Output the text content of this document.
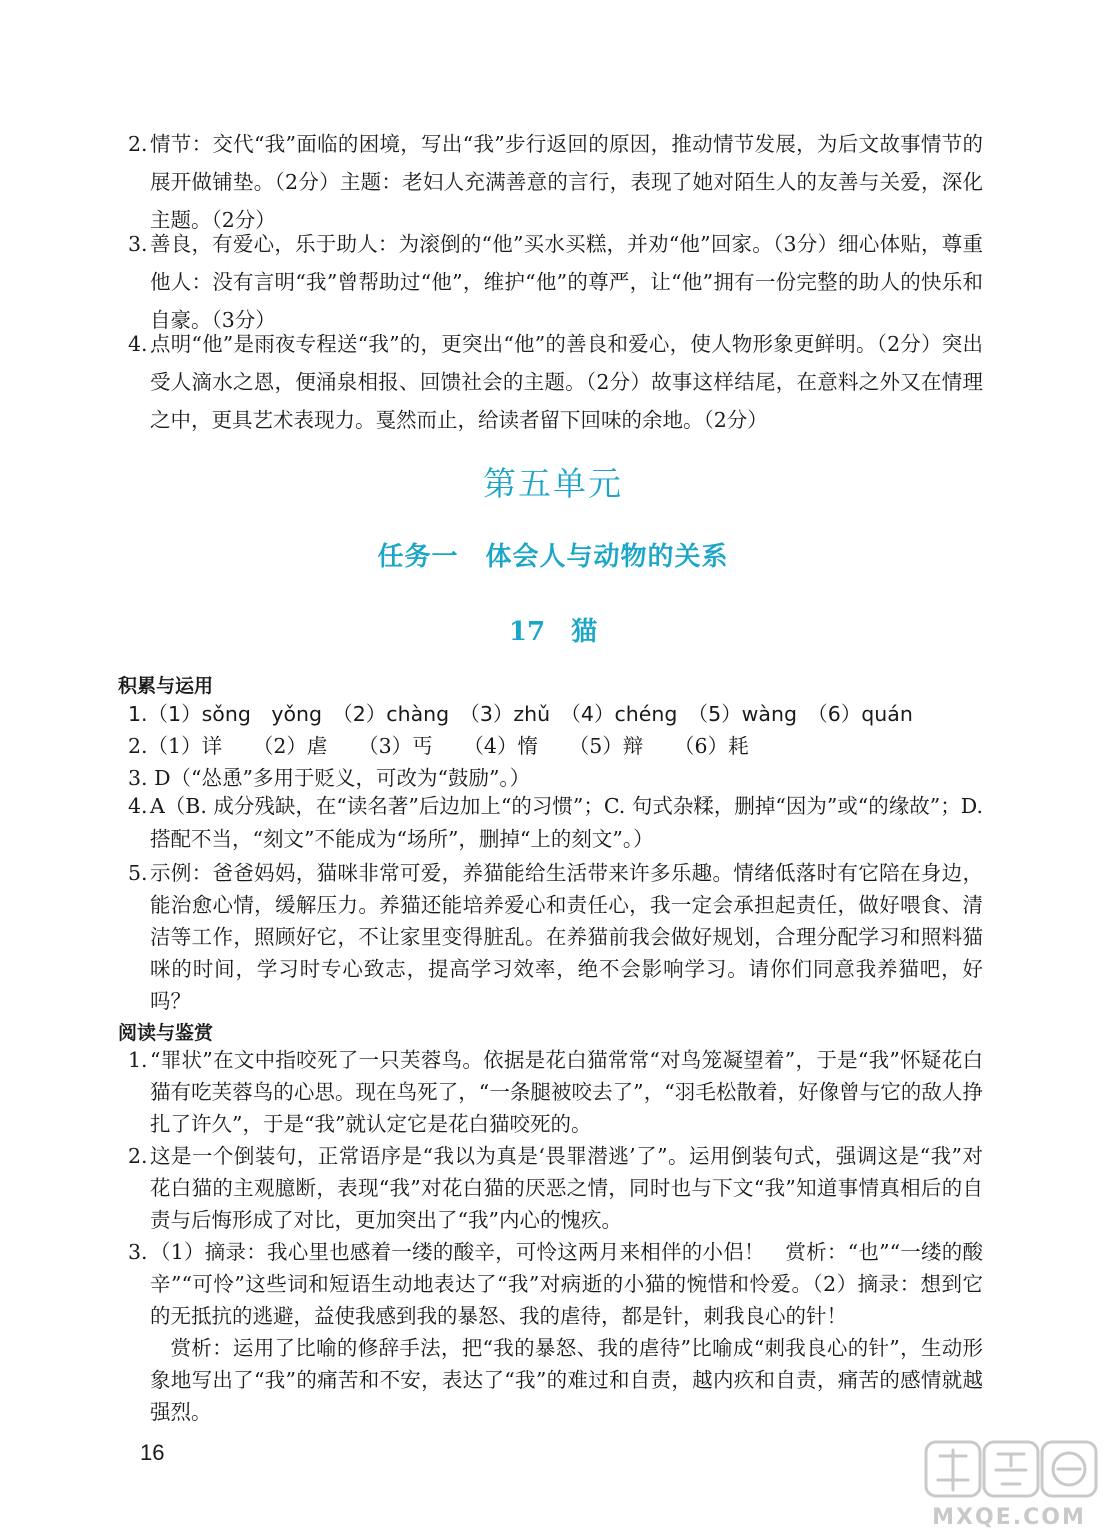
2. 情节：交代“我”面临的困境，写出“我”步行返回的原因，推动情节发展，为后文故事情节的展开做铺垫。（2分）主题：老妇人充满善意的言行，表现了她对陌生人的友善与关爱，深化主题。（2分）
3. 善良，有爱心，乐于助人：为滚倒的“他”买水买糕，并劝“他”回家。（3分）细心体贴，尊重他人：没有言明“我”曾帮助过“他”，维护“他”的尊严，让“他”拥有一份完整的助人的快乐和自豪。（3分）
4. 点明“他”是雨夜专程送“我”的，更突出“他”的善良和爱心，使人物形象更鲜明。（2分）突出受人滴水之恩，便涌泉相报、回馈社会的主题。（2分）故事这样结尾，在意料之外又在情理之中，更具艺术表现力。戛然而止，给读者留下回味的余地。（2分）
第五单元
任务一　体会人与动物的关系
17 猫
积累与运用
1.（1）sǒng　yǒng　（2）chàng　（3）zhǔ　（4）chéng　（5）wàng　（6）quán
2.（1）详　　（2）虐　　（3）丐　　（4）惰　　（5）辩　　（6）耗
3. D（“怂恿”多用于贬义，可改为“鼓励”。）
4. A（B. 成分残缺，在“读名著”后边加上“的习惯”；C. 句式杂糅，删掉“因为”或“的缘故”；D. 搭配不当，“刻文”不能成为“场所”，删掉“上的刻文”。）
5. 示例：爸爸妈妈，猫咪非常可爱，养猫能给生活带来许多乐趣。情绪低落时有它陪在身边，能治愈心情，缓解压力。养猫还能培养爱心和责任心，我一定会承担起责任，做好喂食、清洁等工作，照顾好它，不让家里变得脏乱。在养猫前我会做好规划，合理分配学习和照料猫咪的时间，学习时专心致志，提高学习效率，绝不会影响学习。请你们同意我养猫吧，好吗？
阅读与鉴赏
1. “罪状”在文中指咬死了一只芙蓉鸟。依据是花白猫常常“对鸟笼凝望着”，于是“我”怀疑花白猫有吃芙蓉鸟的心思。现在鸟死了，“一条腿被咬去了”，“羽毛松散着，好像曾与它的敌人挣扎了许久”，于是“我”就认定它是花白猫咬死的。
2. 这是一个倒装句，正常语序是“我以为真是‘畏罪潜逃’了”。运用倒装句式，强调这是“我”对花白猫的主观臆断，表现“我”对花白猫的厌恶之情，同时也与下文“我”知道事情真相后的自责与后悔形成了对比，更加突出了“我”内心的愧疚。
3. （1）摘录：我心里也感着一缕的酸辛，可怜这两月来相伴的小侣！　赏析：“也”“一缕的酸辛”“可怜”这些词和短语生动地表达了“我”对病逝的小猫的惋惜和怜爱。（2）摘录：想到它的无抵抗的逃避，益使我感到我的暴怒、我的虐待，都是针，刺我良心的针！
赏析：运用了比喻的修辞手法，把“我的暴怒、我的虐待”比喻成“刺我良心的针”，生动形象地写出了“我”的痛苦和不安，表达了“我”的难过和自责，越内疚和自责，痛苦的感情就越强烈。
16
MXQE.COM
